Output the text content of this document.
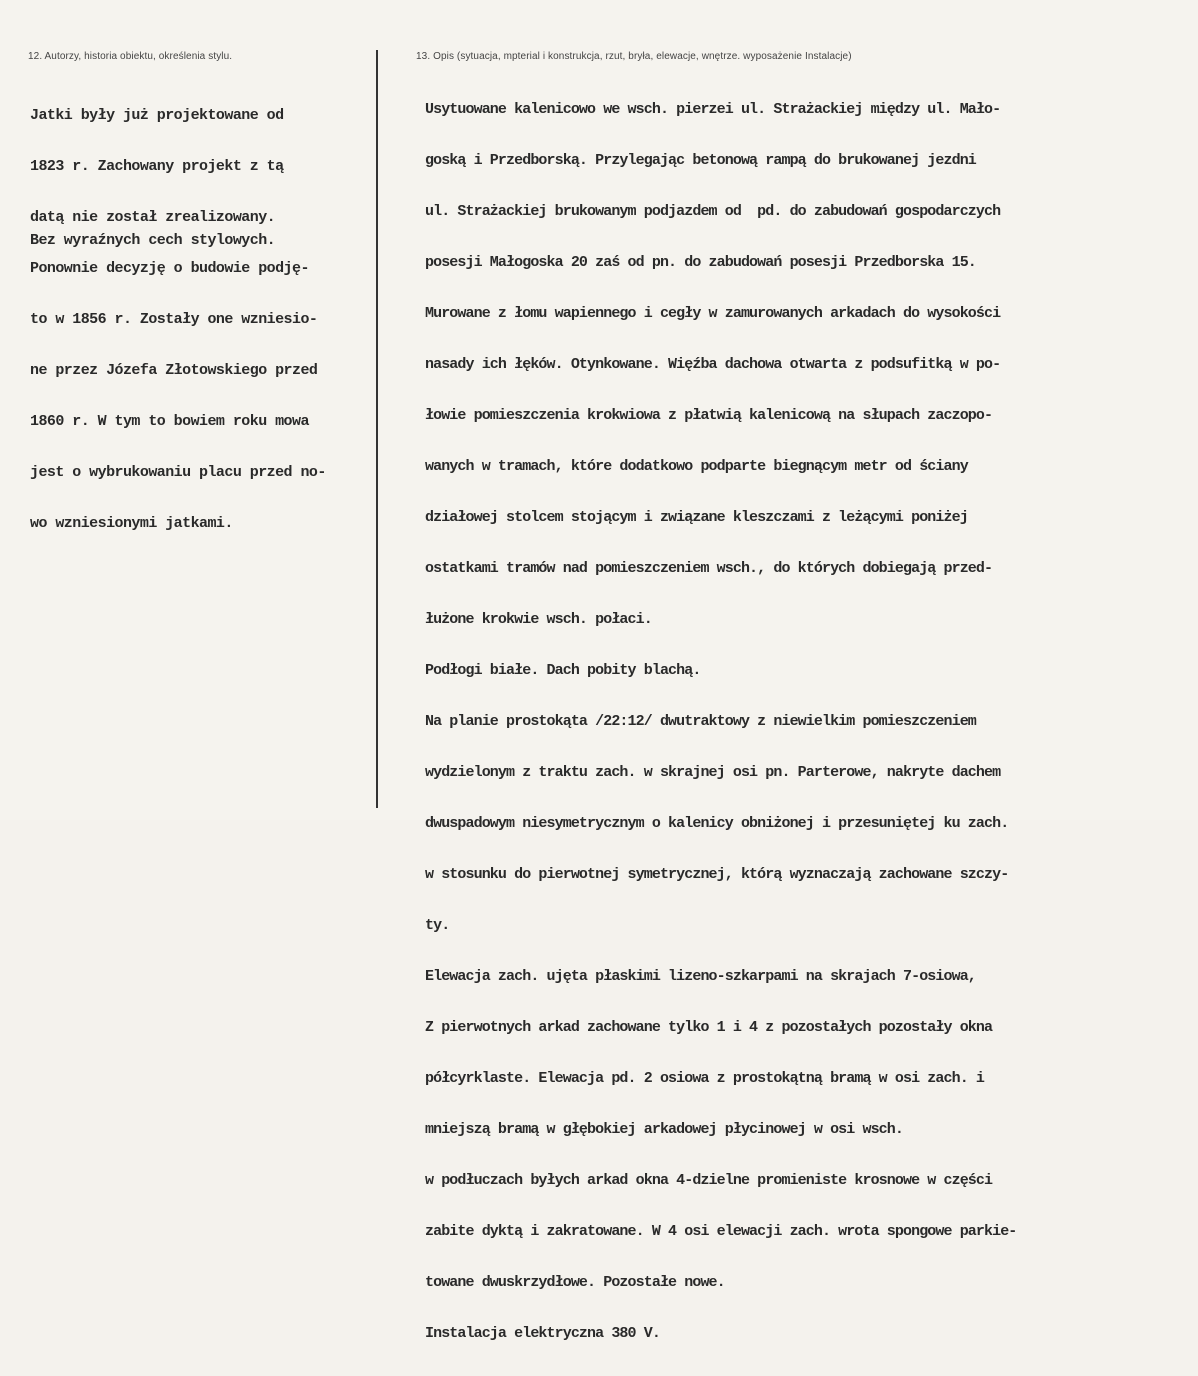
12. Autorzy, historia obiektu, określenia stylu.	13. Opis (sytuacja, mpterial i konstrukcja, rzut, bryła, elewacje, wnętrze. wyposażenie Instalacje)

Jatki były już projektowane od

1823 r. Zachowany projekt z tą

datą nie został zrealizowany.

Ponownie decyzję o budowie podję-

to w 1856 r. Zostały one wzniesio-

ne przez Józefa Złotowskiego przed

1860 r. W tym to bowiem roku mowa

jest o wybrukowaniu placu przed no-

wo wzniesionymi jatkami.

Bez wyraźnych cech stylowych.

Usytuowane kalenicowo we wsch. pierzei ul. Strażackiej między ul. Mało-

goską i Przedborską. Przylegając betonową rampą do brukowanej jezdni

ul. Strażackiej brukowanym podjazdem od  pd. do zabudowań gospodarczych

posesji Małogoska 20 zaś od pn. do zabudowań posesji Przedborska 15.

Murowane z łomu wapiennego i cegły w zamurowanych arkadach do wysokości

nasady ich łęków. Otynkowane. Więźba dachowa otwarta z podsufitką w po-

łowie pomieszczenia krokwiowa z płatwią kalenicową na słupach zaczopo-

wanych w tramach, które dodatkowo podparte biegnącym metr od ściany

działowej stolcem stojącym i związane kleszczami z leżącymi poniżej

ostatkami tramów nad pomieszczeniem wsch., do których dobiegają przed-

łużone krokwie wsch. połaci.

Podłogi białe. Dach pobity blachą.

Na planie prostokąta /22:12/ dwutraktowy z niewielkim pomieszczeniem

wydzielonym z traktu zach. w skrajnej osi pn. Parterowe, nakryte dachem

dwuspadowym niesymetrycznym o kalenicy obniżonej i przesuniętej ku zach.

w stosunku do pierwotnej symetrycznej, którą wyznaczają zachowane szczy-

ty.

Elewacja zach. ujęta płaskimi lizeno-szkarpami na skrajach 7-osiowa,

Z pierwotnych arkad zachowane tylko 1 i 4 z pozostałych pozostały okna

półcyrklaste. Elewacja pd. 2 osiowa z prostokątną bramą w osi zach. i

mniejszą bramą w głębokiej arkadowej płycinowej w osi wsch.

w podłuczach byłych arkad okna 4-dzielne promieniste krosnowe w części

zabite dyktą i zakratowane. W 4 osi elewacji zach. wrota spongowe parkie-

towane dwuskrzydłowe. Pozostałe nowe.

Instalacja elektryczna 380 V.
